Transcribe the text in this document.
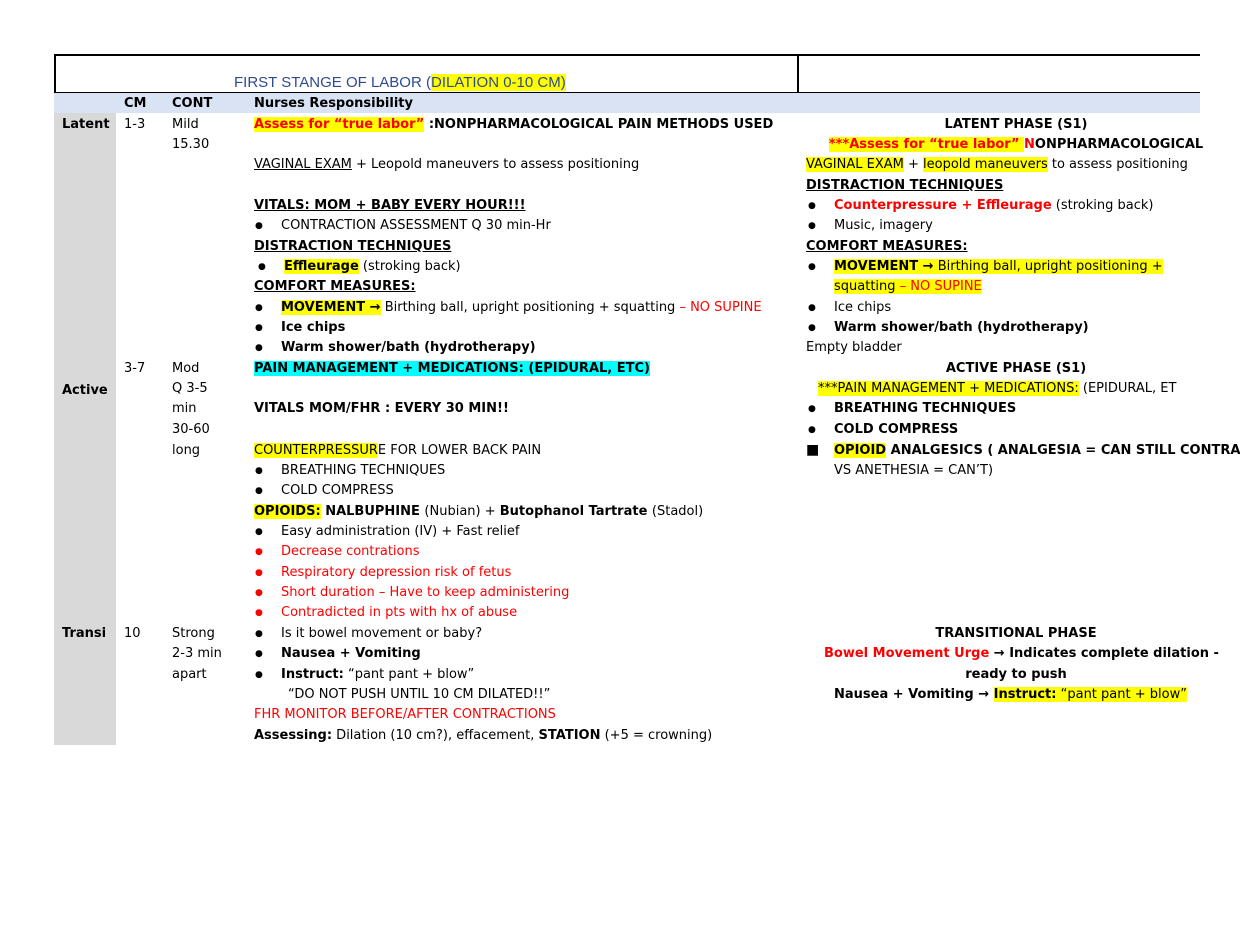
FIRST STANGE OF LABOR (DILATION 0-10 CM)
CM CONT	Nurses Responsibility
Latent 1-3 Mild
15.30
Assess for “true labor” :NONPHARMACOLOGICAL PAIN METHODS USED
VAGINAL EXAM + Leopold maneuvers to assess positioning
VITALS: MOM + BABY EVERY HOUR!!!
● CONTRACTION ASSESSMENT Q 30 min-Hr
DISTRACTION TECHNIQUES
● Effleurage (stroking back)
COMFORT MEASURES:
● MOVEMENT → Birthing ball, upright positioning + squatting – NO SUPINE
● Ice chips
● Warm shower/bath (hydrotherapy)
3-7
Active
Mod
Q 3-5
min
30-60
long
PAIN MANAGEMENT + MEDICATIONS: (EPIDURAL, ETC)
VITALS MOM/FHR : EVERY 30 MIN!!
COUNTERPRESSURE FOR LOWER BACK PAIN
● BREATHING TECHNIQUES
● COLD COMPRESS
OPIOIDS: NALBUPHINE (Nubian) + Butophanol Tartrate (Stadol)
● Easy administration (IV) + Fast relief
● Decrease contrations
● Respiratory depression risk of fetus
● Short duration – Have to keep administering
● Contradicted in pts with hx of abuse
Transi 10 Strong
2-3 min
apart
● Is it bowel movement or baby?
● Nausea + Vomiting
● Instruct: “pant pant + blow”
“DO NOT PUSH UNTIL 10 CM DILATED!!”
FHR MONITOR BEFORE/AFTER CONTRACTIONS
Assessing: Dilation (10 cm?), effacement, STATION (+5 = crowning)
LATENT PHASE (S1)
***Assess for “true labor” NONPHARMACOLOGICAL
VAGINAL EXAM + leopold maneuvers to assess positioning
DISTRACTION TECHNIQUES
● Counterpressure + Effleurage (stroking back)
● Music, imagery
COMFORT MEASURES:
● MOVEMENT → Birthing ball, upright positioning +
squatting – NO SUPINE
● Ice chips
● Warm shower/bath (hydrotherapy)
Empty bladder
ACTIVE PHASE (S1)
***PAIN MANAGEMENT + MEDICATIONS: (EPIDURAL, ET
● BREATHING TECHNIQUES
● COLD COMPRESS
■ OPIOID ANALGESICS ( ANALGESIA = CAN STILL CONTRA
VS ANETHESIA = CAN’T)
TRANSITIONAL PHASE
Bowel Movement Urge → Indicates complete dilation -
ready to push
Nausea + Vomiting → Instruct: “pant pant + blow”
